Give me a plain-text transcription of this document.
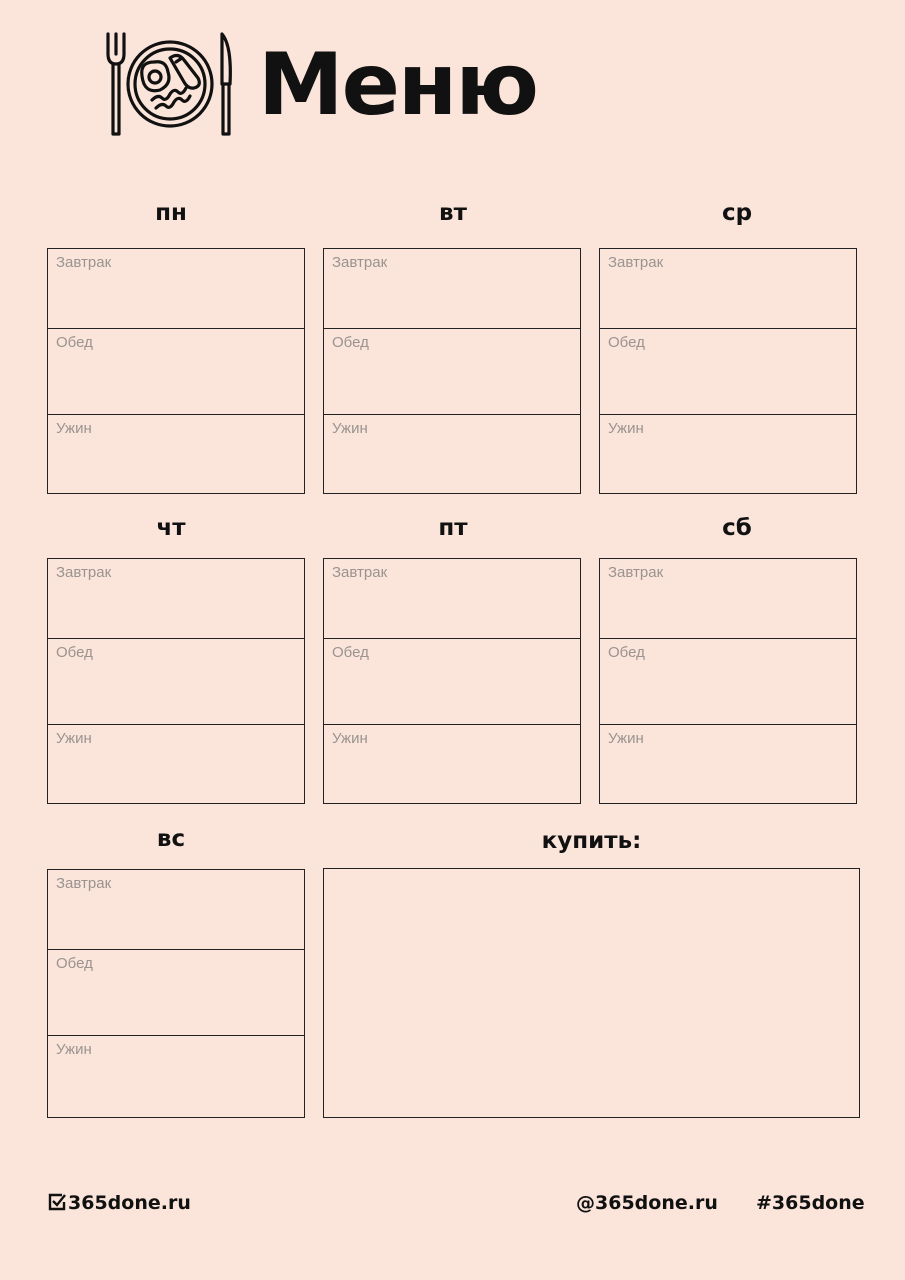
Меню
пн
Завтрак
Обед
Ужин
вт
Завтрак
Обед
Ужин
ср
Завтрак
Обед
Ужин
чт
Завтрак
Обед
Ужин
пт
Завтрак
Обед
Ужин
сб
Завтрак
Обед
Ужин
вс
Завтрак
Обед
Ужин
купить:
365done.ru	@365done.ru #365done
